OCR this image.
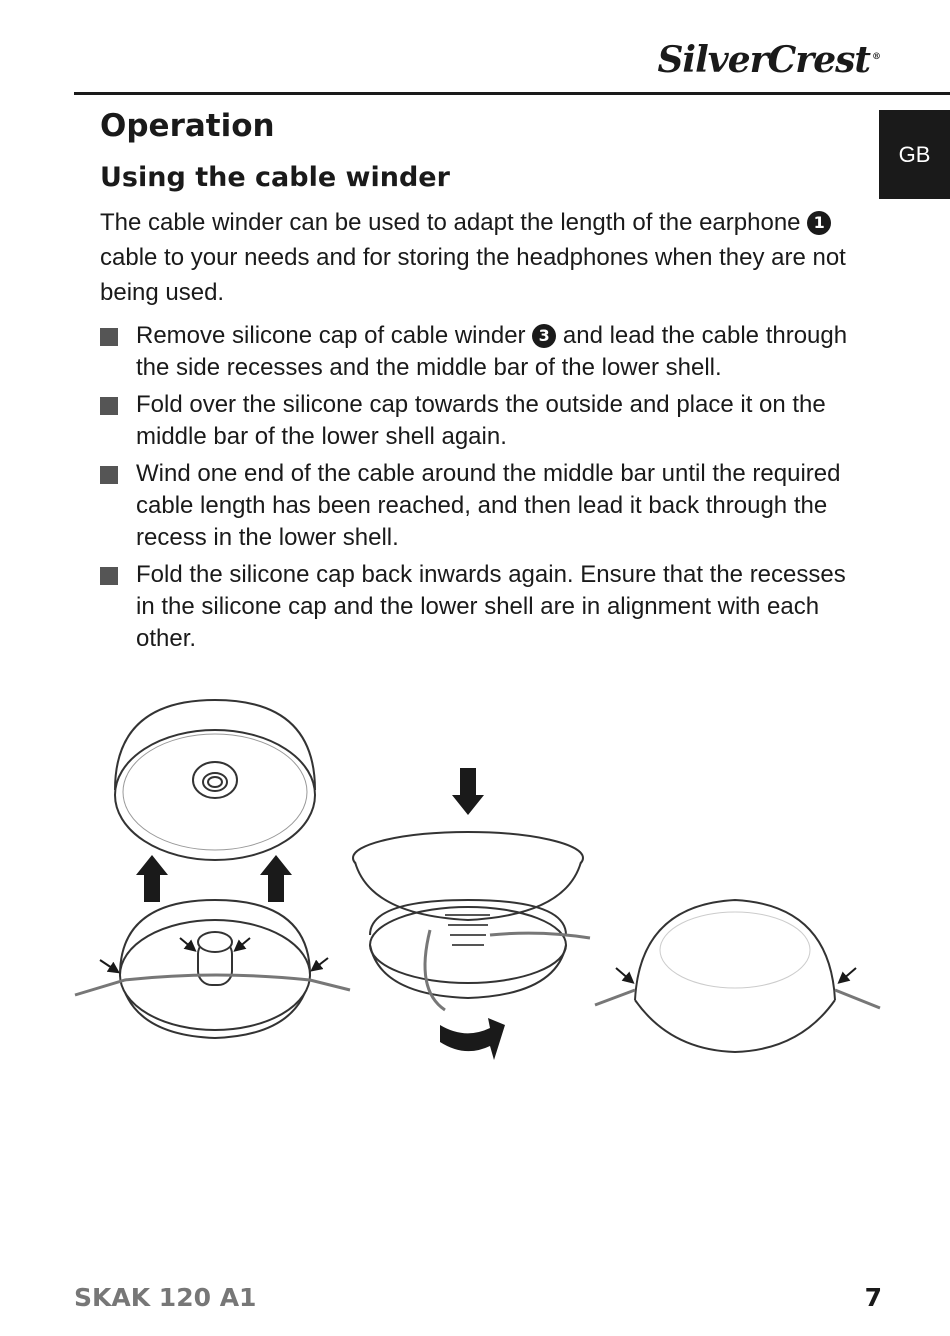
SilverCrest ®
GB
Operation
Using the cable winder

The cable winder can be used to adapt the length of the earphone 1 cable to your needs and for storing the headphones when they are not being used.

Remove silicone cap of cable winder 3 and lead the cable through the side recesses and the middle bar of the lower shell.
Fold over the silicone cap towards the outside and place it on the middle bar of the lower shell again.
Wind one end of the cable around the middle bar until the required cable length has been reached, and then lead it back through the recess in the lower shell.
Fold the silicone cap back inwards again. Ensure that the recesses in the silicone cap and the lower shell are in alignment with each other.
SKAK 120 A1	7
